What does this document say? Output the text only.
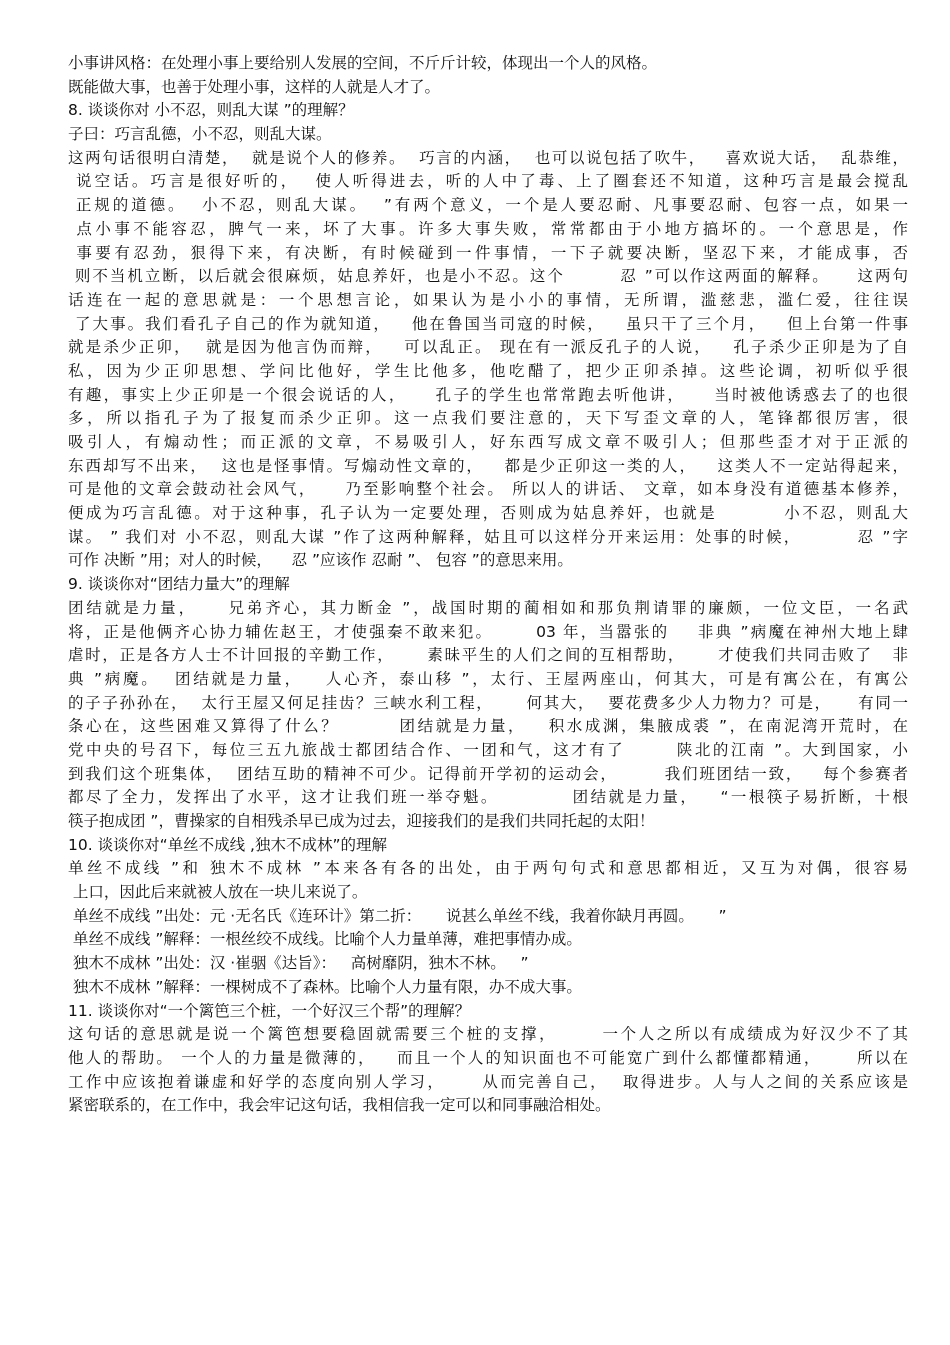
小事讲风格：在处理小事上要给别人发展的空间，不斤斤计较，体现出一个人的风格。
既能做大事，也善于处理小事，这样的人就是人才了。
8. 谈谈你对 小不忍，则乱大谋 ”的理解？
子曰：巧言乱德，小不忍，则乱大谋。
这两句话很明白清楚，  就是说个人的修养。  巧言的内涵，  也可以说包括了吹牛，   喜欢说大话，  乱恭维，
说空话。巧言是很好听的，  使人听得进去，听的人中了毒、上了圈套还不知道，这种巧言是最会搅乱
正规的道德。  小不忍，则乱大谋。  ”有两个意义，一个是人要忍耐、凡事要忍耐、包容一点，如果一
点小事不能容忍，脾气一来，坏了大事。许多大事失败，常常都由于小地方搞坏的。一个意思是，作
事要有忍劲，狠得下来，有决断，有时候碰到一件事情，一下子就要决断，坚忍下来，才能成事，否
则不当机立断，以后就会很麻烦，姑息养奸，也是小不忍。这个        忍 ”可以作这两面的解释。    这两句
话连在一起的意思就是：一个思想言论，如果认为是小小的事情，无所谓，滥慈悲，滥仁爱，往往误
了大事。我们看孔子自己的作为就知道，   他在鲁国当司寇的时候，   虽只干了三个月，   但上台第一件事
就是杀少正卯，  就是因为他言伪而辩，   可以乱正。 现在有一派反孔子的人说，   孔子杀少正卯是为了自
私，因为少正卯思想、学问比他好，学生比他多，他吃醋了，把少正卯杀掉。这些论调，初听似乎很
有趣，事实上少正卯是一个很会说话的人，    孔子的学生也常常跑去听他讲，    当时被他诱惑去了的也很
多，所以指孔子为了报复而杀少正卯。这一点我们要注意的，天下写歪文章的人，笔锋都很厉害，很
吸引人，有煽动性；而正派的文章，不易吸引人，好东西写成文章不吸引人；但那些歪才对于正派的
东西却写不出来，  这也是怪事情。写煽动性文章的，   都是少正卯这一类的人，   这类人不一定站得起来，
可是他的文章会鼓动社会风气，    乃至影响整个社会。 所以人的讲话、 文章，如本身没有道德基本修养，
便成为巧言乱德。对于这种事，孔子认为一定要处理，否则成为姑息养奸，也就是         小不忍，则乱大
谋。 ” 我们对 小不忍，则乱大谋 ”作了这两种解释，姑且可以这样分开来运用：处事的时候，        忍 ”字
可作 决断 ”用；对人的时候，    忍 ”应该作 忍耐 ”、 包容 ”的意思来用。
9. 谈谈你对“团结力量大”的理解
团结就是力量，    兄弟齐心，其力断金 ”，战国时期的蔺相如和那负荆请罪的廉颇，一位文臣，一名武
将，正是他俩齐心协力辅佐赵王，才使强秦不敢来犯。      03 年，当嚣张的    非典 ”病魔在神州大地上肆
虐时，正是各方人士不计回报的辛勤工作，     素昧平生的人们之间的互相帮助，     才使我们共同击败了   非
典 ”病魔。  团结就是力量，   人心齐，泰山移 ”，太行、王屋两座山，何其大，可是有寓公在，有寓公
的子子孙孙在，  太行王屋又何足挂齿？三峡水利工程，     何其大，  要花费多少人力物力？可是，    有同一
条心在，这些困难又算得了什么？        团结就是力量，   积水成渊，集腋成裘 ”，在南泥湾开荒时，在
党中央的号召下，每位三五九旅战士都团结合作、一团和气，这才有了       陕北的江南 ”。大到国家，小
到我们这个班集体，  团结互助的精神不可少。记得前开学初的运动会，       我们班团结一致，   每个参赛者
都尽了全力，发挥出了水平，这才让我们班一举夺魁。          团结就是力量，   “一根筷子易折断，十根
筷子抱成团 ”，曹操家的自相残杀早已成为过去，迎接我们的是我们共同托起的太阳！
10. 谈谈你对“单丝不成线 ,独木不成林”的理解
单丝不成线 ”和 独木不成林 ”本来各有各的出处，由于两句句式和意思都相近，又互为对偶，很容易
上口，因此后来就被人放在一块儿来说了。
单丝不成线 ”出处：元 ·无名氏《连环计》第二折：     说甚么单丝不线，我着你缺月再圆。     ”
单丝不成线 ”解释：一根丝绞不成线。比喻个人力量单薄，难把事情办成。
独木不成林 ”出处：汉 ·崔骃《达旨》：   高树靡阴，独木不林。   ”
独木不成林 ”解释：一棵树成不了森林。比喻个人力量有限，办不成大事。
11. 谈谈你对“一个篱笆三个桩，一个好汉三个帮”的理解？
这句话的意思就是说一个篱笆想要稳固就需要三个桩的支撑，      一个人之所以有成绩成为好汉少不了其
他人的帮助。 一个人的力量是微薄的，   而且一个人的知识面也不可能宽广到什么都懂都精通，     所以在
工作中应该抱着谦虚和好学的态度向别人学习，     从而完善自己，  取得进步。人与人之间的关系应该是
紧密联系的，在工作中，我会牢记这句话，我相信我一定可以和同事融洽相处。
